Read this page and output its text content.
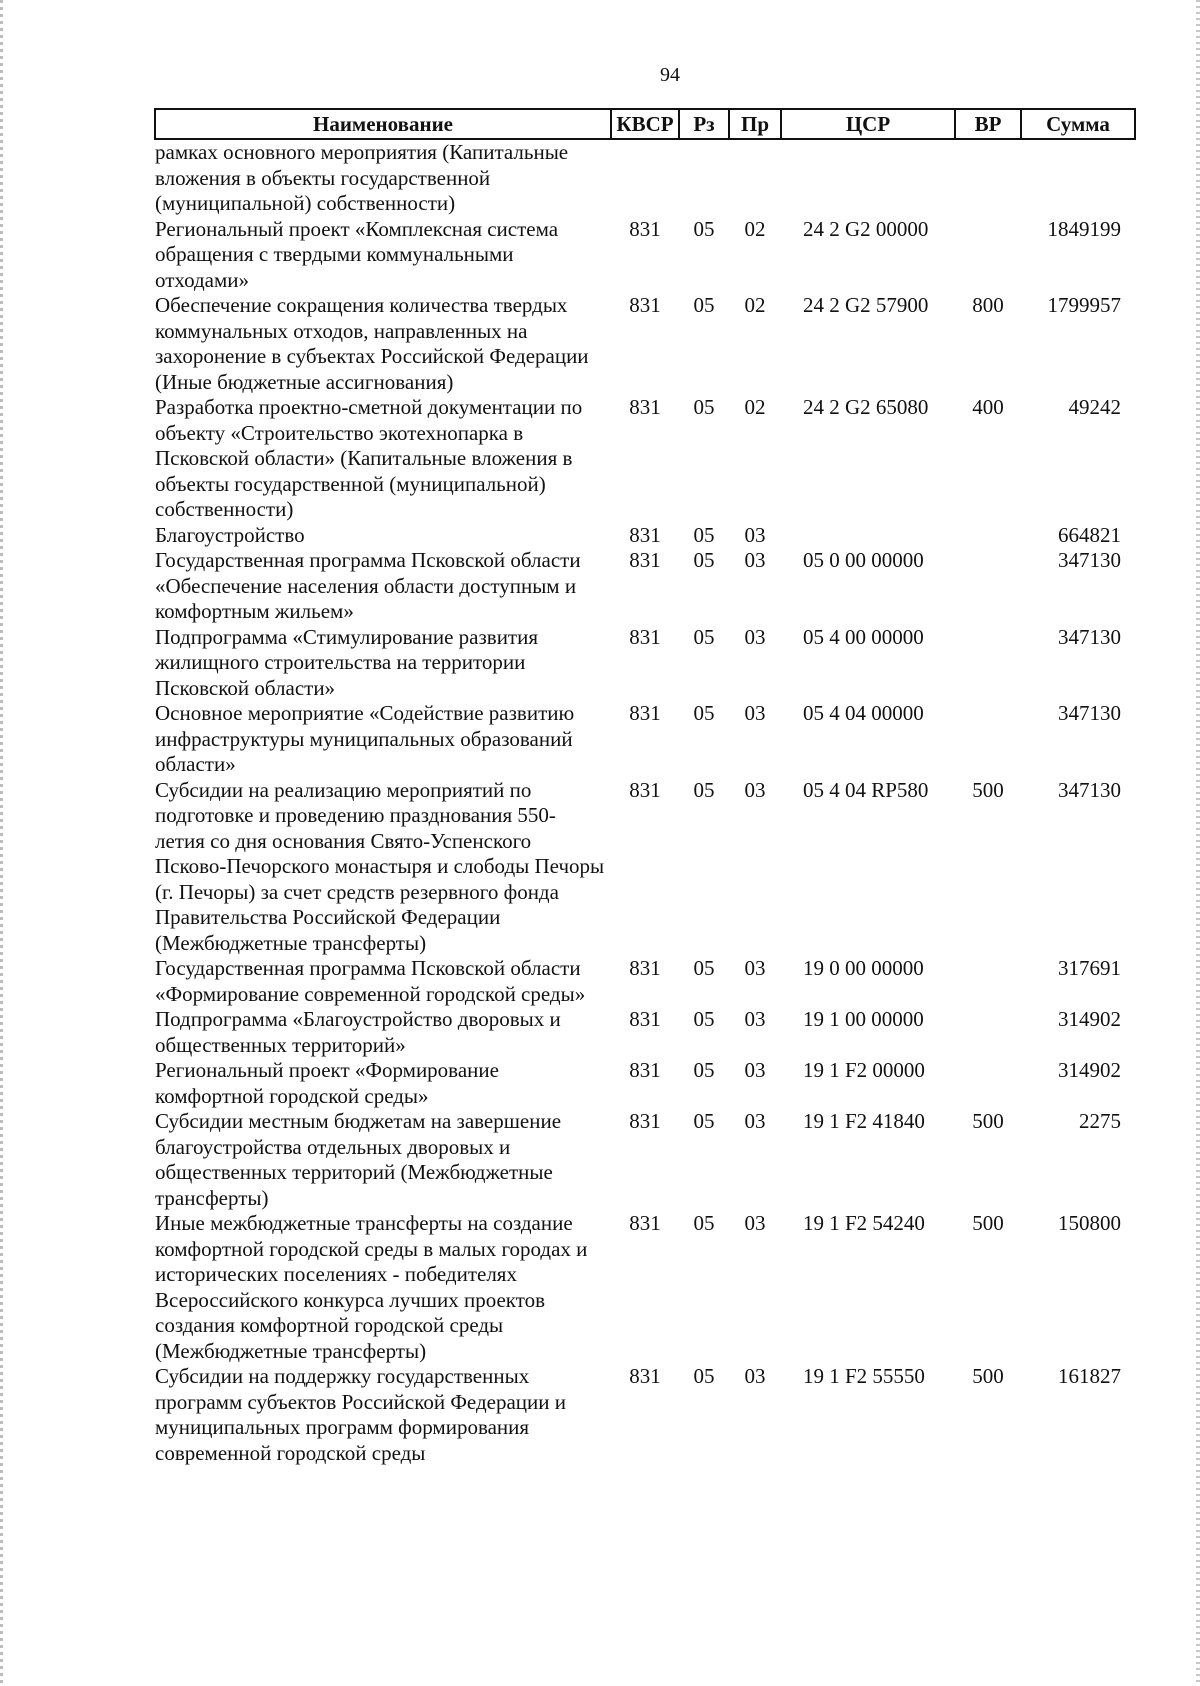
94
Наименование	КВСР	Рз	Пр	ЦСР	ВР	Сумма
рамках основного мероприятия (Капитальные вложения в объекты государственной (муниципальной) собственности)						
Региональный проект «Комплексная система обращения с твердыми коммунальными отходами»	831	05	02	24 2 G2 00000		1849199
Обеспечение сокращения количества твердых коммунальных отходов, направленных на захоронение в субъектах Российской Федерации (Иные бюджетные ассигнования)	831	05	02	24 2 G2 57900	800	1799957
Разработка проектно-сметной документации по объекту «Строительство экотехнопарка в Псковской области» (Капитальные вложения в объекты государственной (муниципальной) собственности)	831	05	02	24 2 G2 65080	400	49242
Благоустройство	831	05	03			664821
Государственная программа Псковской области «Обеспечение населения области доступным и комфортным жильем»	831	05	03	05 0 00 00000		347130
Подпрограмма «Стимулирование развития жилищного строительства на территории Псковской области»	831	05	03	05 4 00 00000		347130
Основное мероприятие «Содействие развитию инфраструктуры муниципальных образований области»	831	05	03	05 4 04 00000		347130
Субсидии на реализацию мероприятий по подготовке и проведению празднования 550-летия со дня основания Свято-Успенского Псково-Печорского монастыря и слободы Печоры (г. Печоры) за счет средств резервного фонда Правительства Российской Федерации (Межбюджетные трансферты)	831	05	03	05 4 04 RP580	500	347130
Государственная программа Псковской области «Формирование современной городской среды»	831	05	03	19 0 00 00000		317691
Подпрограмма «Благоустройство дворовых и общественных территорий»	831	05	03	19 1 00 00000		314902
Региональный проект «Формирование комфортной городской среды»	831	05	03	19 1 F2 00000		314902
Субсидии местным бюджетам на завершение благоустройства отдельных дворовых и общественных территорий (Межбюджетные трансферты)	831	05	03	19 1 F2 41840	500	2275
Иные межбюджетные трансферты на создание комфортной городской среды в малых городах и исторических поселениях - победителях Всероссийского конкурса лучших проектов создания комфортной городской среды (Межбюджетные трансферты)	831	05	03	19 1 F2 54240	500	150800
Субсидии на поддержку государственных программ субъектов Российской Федерации и муниципальных программ формирования современной городской среды	831	05	03	19 1 F2 55550	500	161827
